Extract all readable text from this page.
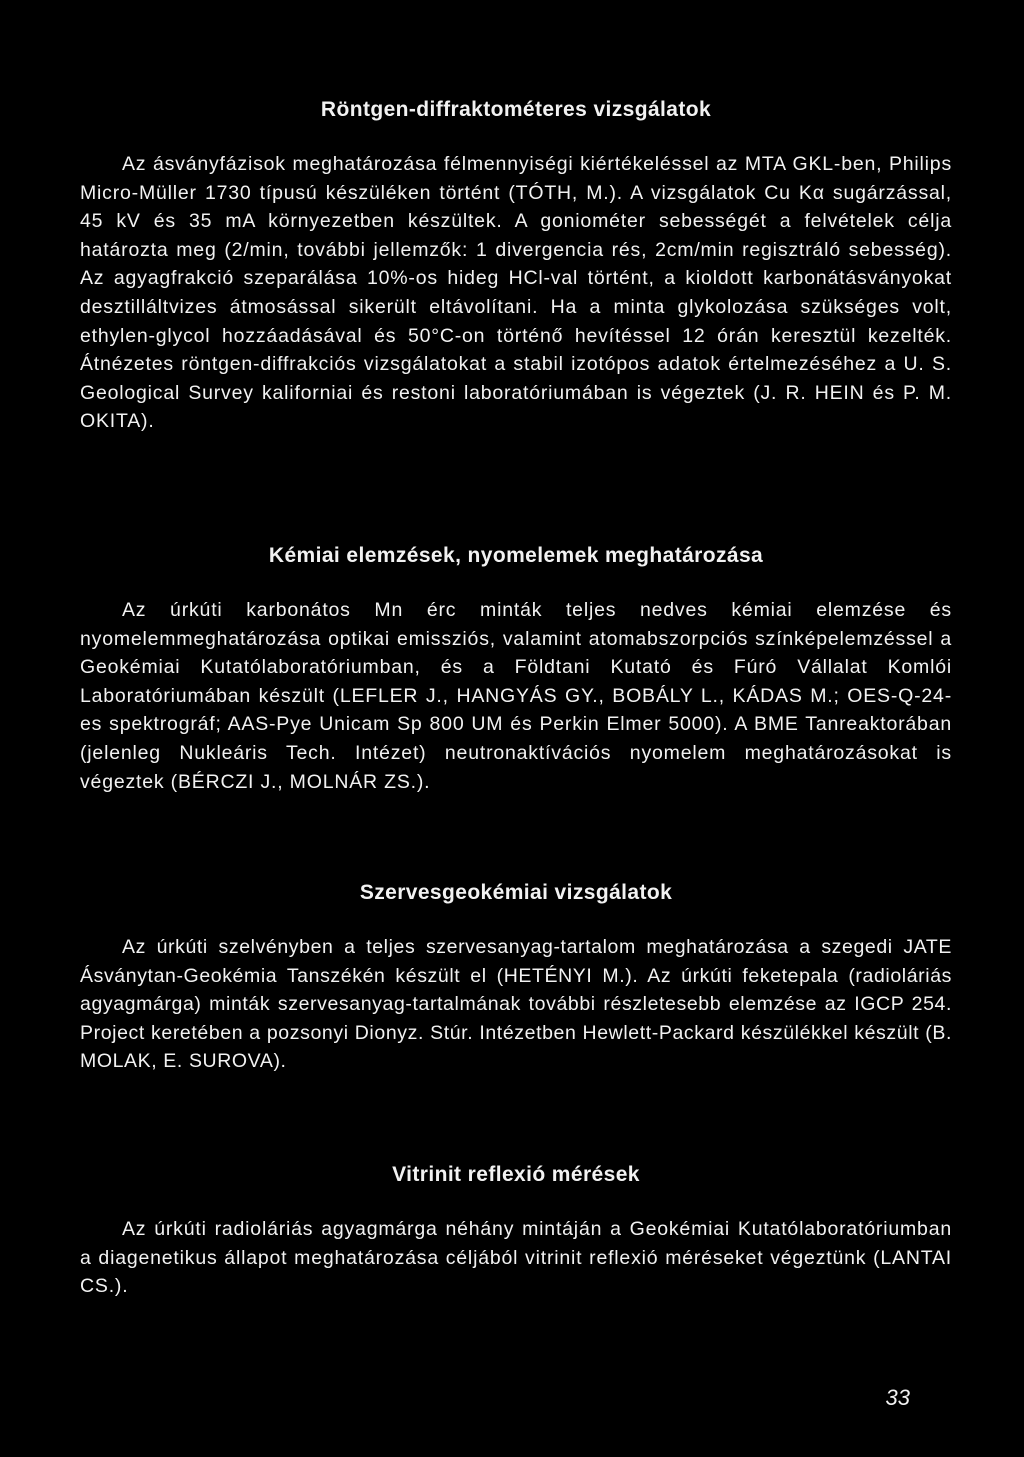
Röntgen-diffraktométeres vizsgálatok

Az ásványfázisok meghatározása félmennyiségi kiértékeléssel az MTA GKL-ben, Philips Micro-Müller 1730 típusú készüléken történt (TÓTH, M.). A vizsgálatok Cu Kα sugárzással, 45 kV és 35 mA környezetben készültek. A goniométer sebességét a felvételek célja határozta meg (2/min, további jellemzők: 1 divergencia rés, 2cm/min regisztráló sebesség). Az agyagfrakció szeparálása 10%-os hideg HCl-val történt, a kioldott karbonátásványokat desztilláltvizes átmosással sikerült eltávolítani. Ha a minta glykolozása szükséges volt, ethylen-glycol hozzáadásával és 50°C-on történő hevítéssel 12 órán keresztül kezelték. Átnézetes röntgen-diffrakciós vizsgálatokat a stabil izotópos adatok értelmezéséhez a U. S. Geological Survey kaliforniai és restoni laboratóriumában is végeztek (J. R. HEIN és P. M. OKITA).

Kémiai elemzések, nyomelemek meghatározása

Az úrkúti karbonátos Mn érc minták teljes nedves kémiai elemzése és nyomelemmeghatározása optikai emissziós, valamint atomabszorpciós színképelemzéssel a Geokémiai Kutatólaboratóriumban, és a Földtani Kutató és Fúró Vállalat Komlói Laboratóriumában készült (LEFLER J., HANGYÁS GY., BOBÁLY L., KÁDAS M.; OES-Q-24-es spektrográf; AAS-Pye Unicam Sp 800 UM és Perkin Elmer 5000). A BME Tanreaktorában (jelenleg Nukleáris Tech. Intézet) neutronaktívációs nyomelem meghatározásokat is végeztek (BÉRCZI J., MOLNÁR ZS.).

Szervesgeokémiai vizsgálatok

Az úrkúti szelvényben a teljes szervesanyag-tartalom meghatározása a szegedi JATE Ásványtan-Geokémia Tanszékén készült el (HETÉNYI M.). Az úrkúti feketepala (radioláriás agyagmárga) minták szervesanyag-tartalmának további részletesebb elemzése az IGCP 254. Project keretében a pozsonyi Dionyz. Stúr. Intézetben Hewlett-Packard készülékkel készült (B. MOLAK, E. SUROVA).

Vitrinit reflexió mérések

Az úrkúti radioláriás agyagmárga néhány mintáján a Geokémiai Kutatólaboratóriumban a diagenetikus állapot meghatározása céljából vitrinit reflexió méréseket végeztünk (LANTAI CS.).

33
